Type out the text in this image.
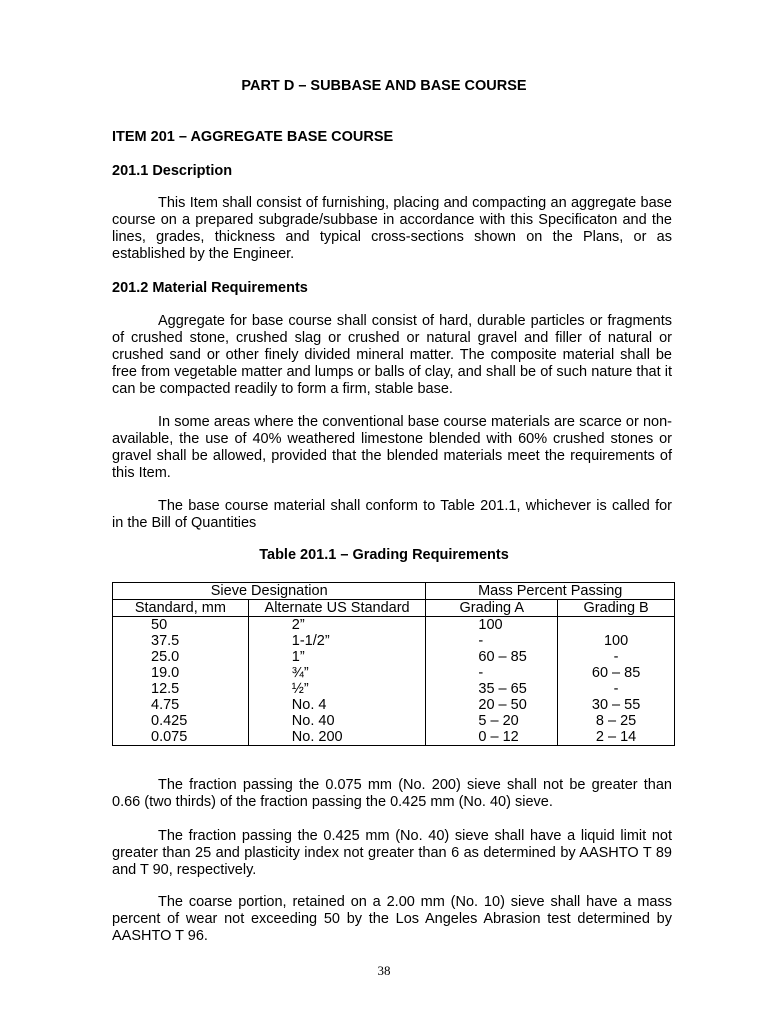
PART D – SUBBASE AND BASE COURSE
ITEM 201 – AGGREGATE BASE COURSE
201.1 Description

This Item shall consist of furnishing, placing and compacting an aggregate base course on a prepared subgrade/subbase in accordance with this Specificaton and the lines, grades, thickness and typical cross-sections shown on the Plans, or as established by the Engineer.

201.2 Material Requirements

Aggregate for base course shall consist of hard, durable particles or fragments of crushed stone, crushed slag or crushed or natural gravel and filler of natural or crushed sand or other finely divided mineral matter. The composite material shall be free from vegetable matter and lumps or balls of clay, and shall be of such nature that it can be compacted readily to form a firm, stable base.

In some areas where the conventional base course materials are scarce or non-available, the use of 40% weathered limestone blended with 60% crushed stones or gravel shall be allowed, provided that the blended materials meet the requirements of this Item.

The base course material shall conform to Table 201.1, whichever is called for in the Bill of Quantities

Table 201.1 – Grading Requirements
Sieve Designation		Mass Percent Passing	
Standard, mm	Alternate US Standard	Grading A	Grading B
50	2”	100	
37.5	1-1/2”	-	100
25.0	1”	60 – 85	-
19.0	¾”	-	60 – 85
12.5	½”	35 – 65	-
4.75	No. 4	20 – 50	30 – 55
0.425	No. 40	5 – 20	8 – 25
0.075	No. 200	0 – 12	2 – 14

The fraction passing the 0.075 mm (No. 200) sieve shall not be greater than 0.66 (two thirds) of the fraction passing the 0.425 mm (No. 40) sieve.

The fraction passing the 0.425 mm (No. 40) sieve shall have a liquid limit not greater than 25 and plasticity index not greater than 6 as determined by AASHTO T 89 and T 90, respectively.

The coarse portion, retained on a 2.00 mm (No. 10) sieve shall have a mass percent of wear not exceeding 50 by the Los Angeles Abrasion test determined by AASHTO T 96.

38
